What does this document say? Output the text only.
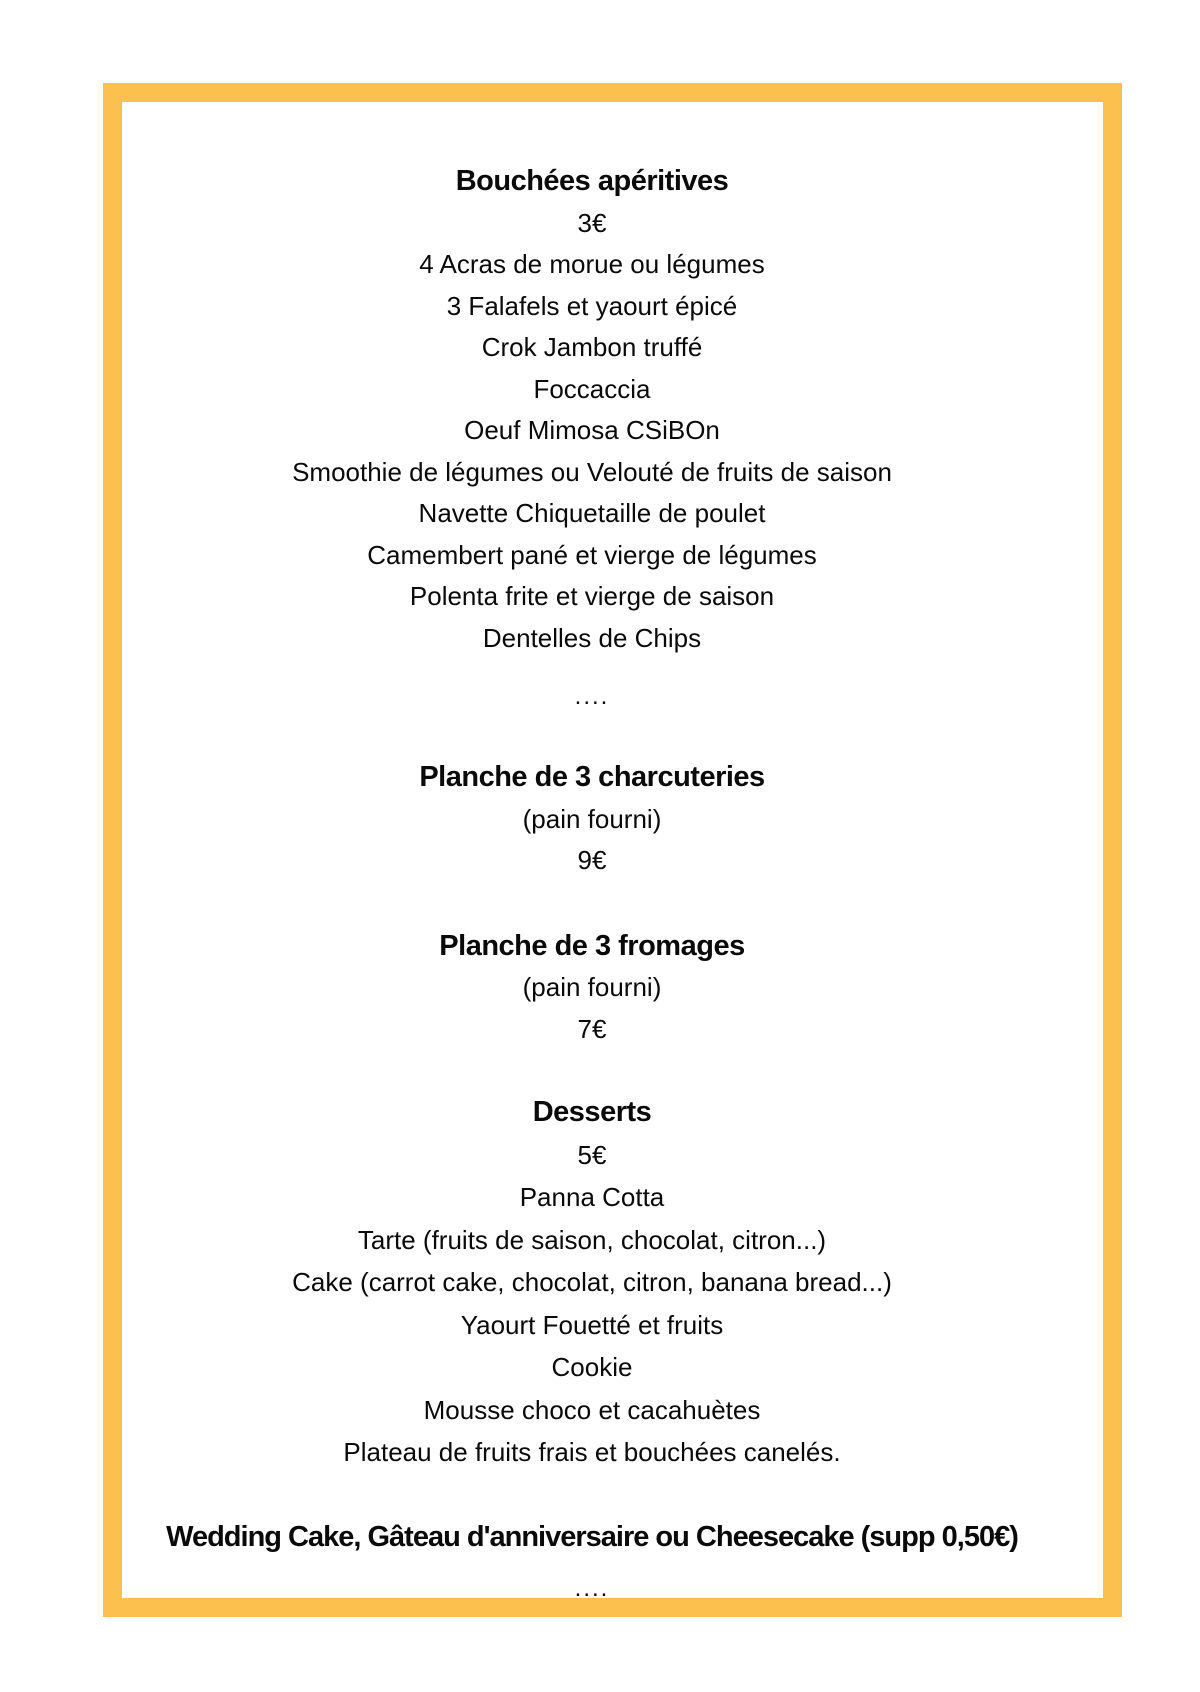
Bouchées apéritives
3€
4 Acras de morue ou légumes
3 Falafels et yaourt épicé
Crok Jambon truffé
Foccaccia
Oeuf Mimosa CSiBOn
Smoothie de légumes ou Velouté de fruits de saison
Navette Chiquetaille de poulet
Camembert pané et vierge de légumes
Polenta frite et vierge de saison
Dentelles de Chips
....
Planche de 3 charcuteries
(pain fourni)
9€
Planche de 3 fromages
(pain fourni)
7€
Desserts
5€
Panna Cotta
Tarte (fruits de saison, chocolat, citron...)
Cake (carrot cake, chocolat, citron, banana bread...)
Yaourt Fouetté et fruits
Cookie
Mousse choco et cacahuètes
Plateau de fruits frais et bouchées canelés.
Wedding Cake, Gâteau d'anniversaire ou Cheesecake (supp 0,50€)
....
